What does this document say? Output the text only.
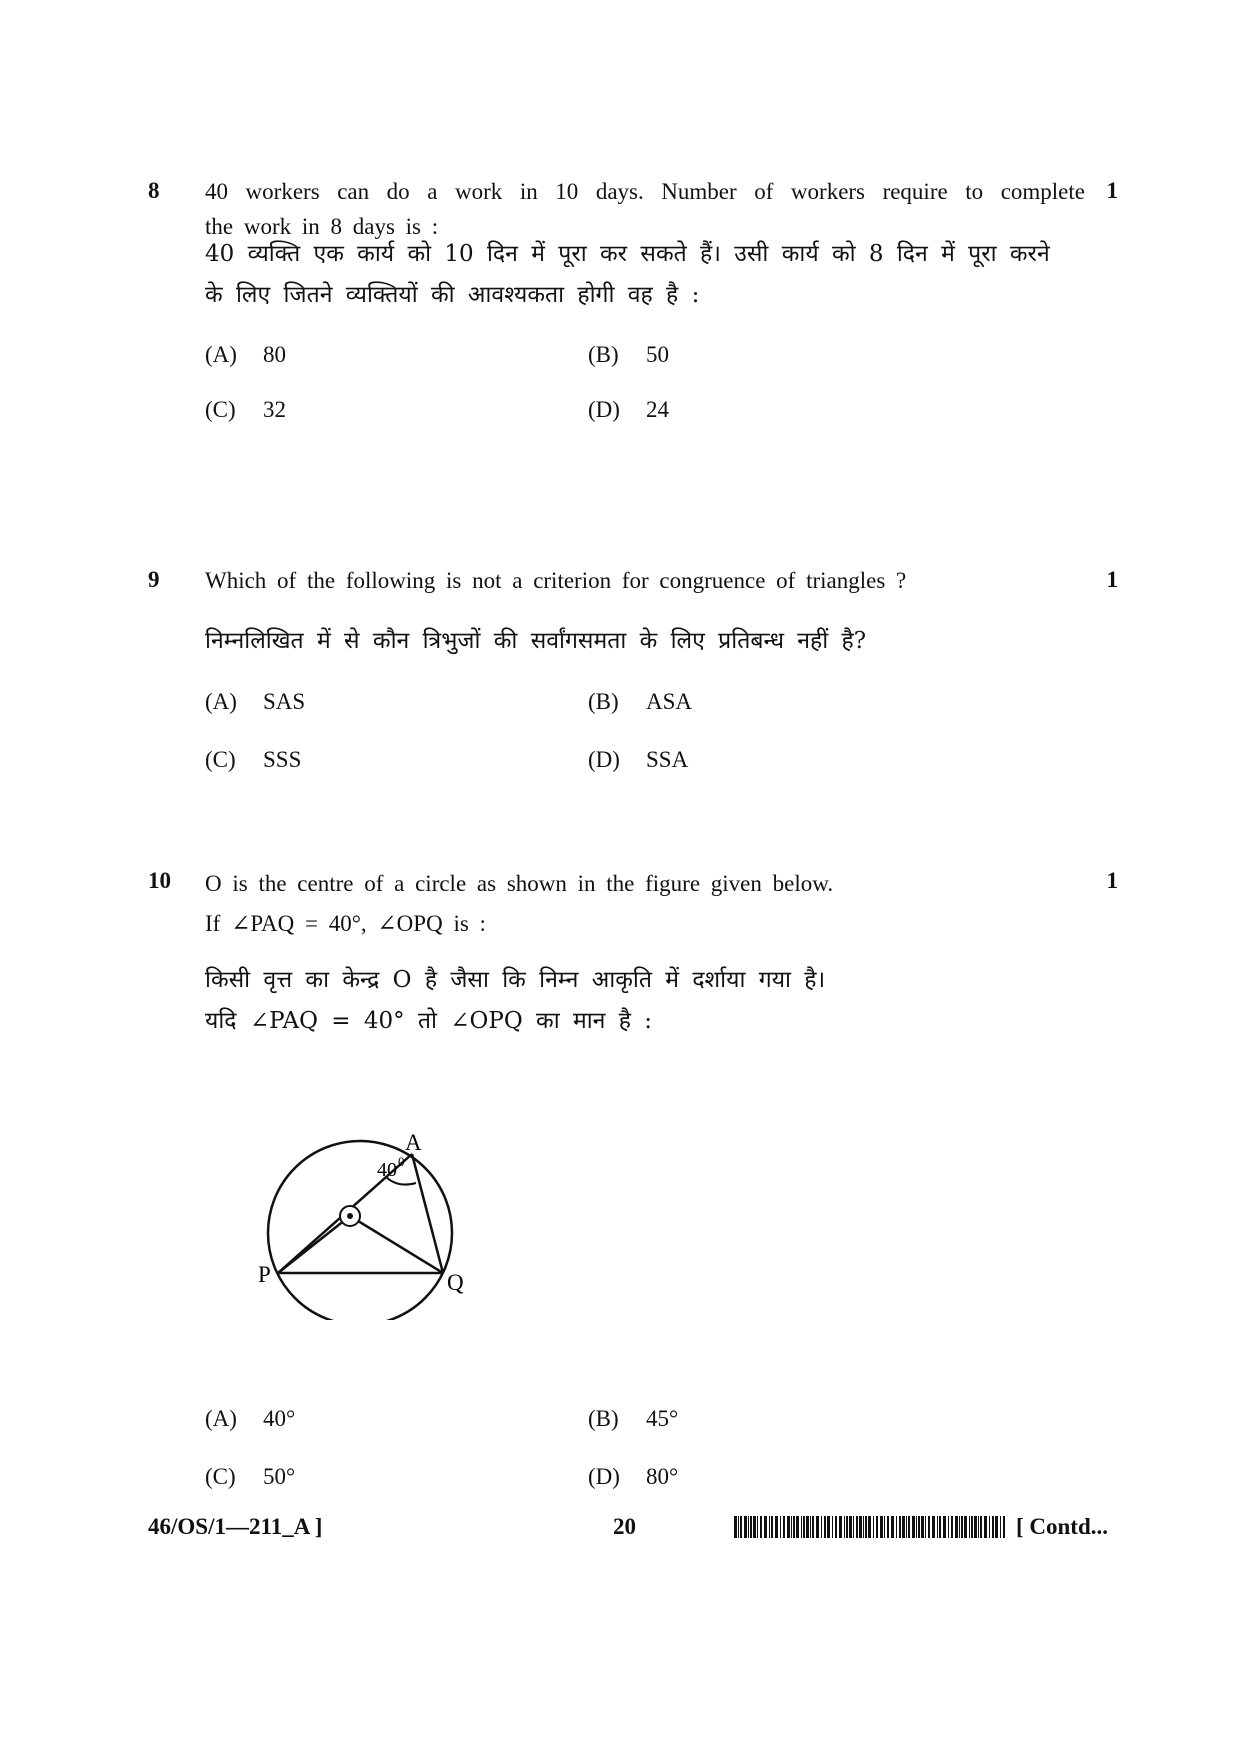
8	1
40 workers can do a work in 10 days. Number of workers require to complete
the work in 8 days is :
40 व्यक्ति एक कार्य को 10 दिन में पूरा कर सकते हैं। उसी कार्य को 8 दिन में पूरा करने
के लिए जितने व्यक्तियों की आवश्यकता होगी वह है :
(A) 80	(B) 50
(C) 32	(D) 24
9	1
Which of the following is not a criterion for congruence of triangles ?
निम्नलिखित में से कौन त्रिभुजों की सर्वांगसमता के लिए प्रतिबन्ध नहीं है?
(A) SAS	(B) ASA
(C) SSS	(D) SSA
10	1
O is the centre of a circle as shown in the figure given below.
If ∠PAQ = 40°, ∠OPQ is :
किसी वृत्त का केन्द्र O है जैसा कि निम्न आकृति में दर्शाया गया है।
यदि ∠PAQ = 40° तो ∠OPQ का मान है :
A
P	Q
40 0
(A) 40°	(B) 45°
(C) 50°	(D) 80°
46/OS/1—211_A ]	20	[ Contd...
